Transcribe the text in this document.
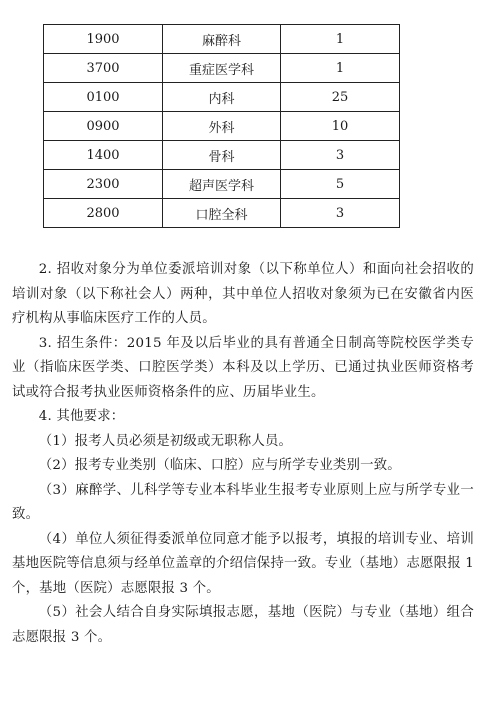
1900	麻醉科	1
3700	重症医学科	1
0100	内科	25
0900	外科	10
1400	骨科	3
2300	超声医学科	5
2800	口腔全科	3

2. 招收对象分为单位委派培训对象（以下称单位人）和面向社会招收的培训对象（以下称社会人）两种，其中单位人招收对象须为已在安徽省内医疗机构从事临床医疗工作的人员。

3. 招生条件：2015 年及以后毕业的具有普通全日制高等院校医学类专业（指临床医学类、口腔医学类）本科及以上学历、已通过执业医师资格考试或符合报考执业医师资格条件的应、历届毕业生。

4. 其他要求：

（1）报考人员必须是初级或无职称人员。

（2）报考专业类别（临床、口腔）应与所学专业类别一致。

（3）麻醉学、儿科学等专业本科毕业生报考专业原则上应与所学专业一致。

（4）单位人须征得委派单位同意才能予以报考，填报的培训专业、培训基地医院等信息须与经单位盖章的介绍信保持一致。专业（基地）志愿限报 1 个，基地（医院）志愿限报 3 个。

（5）社会人结合自身实际填报志愿，基地（医院）与专业（基地）组合志愿限报 3 个。
